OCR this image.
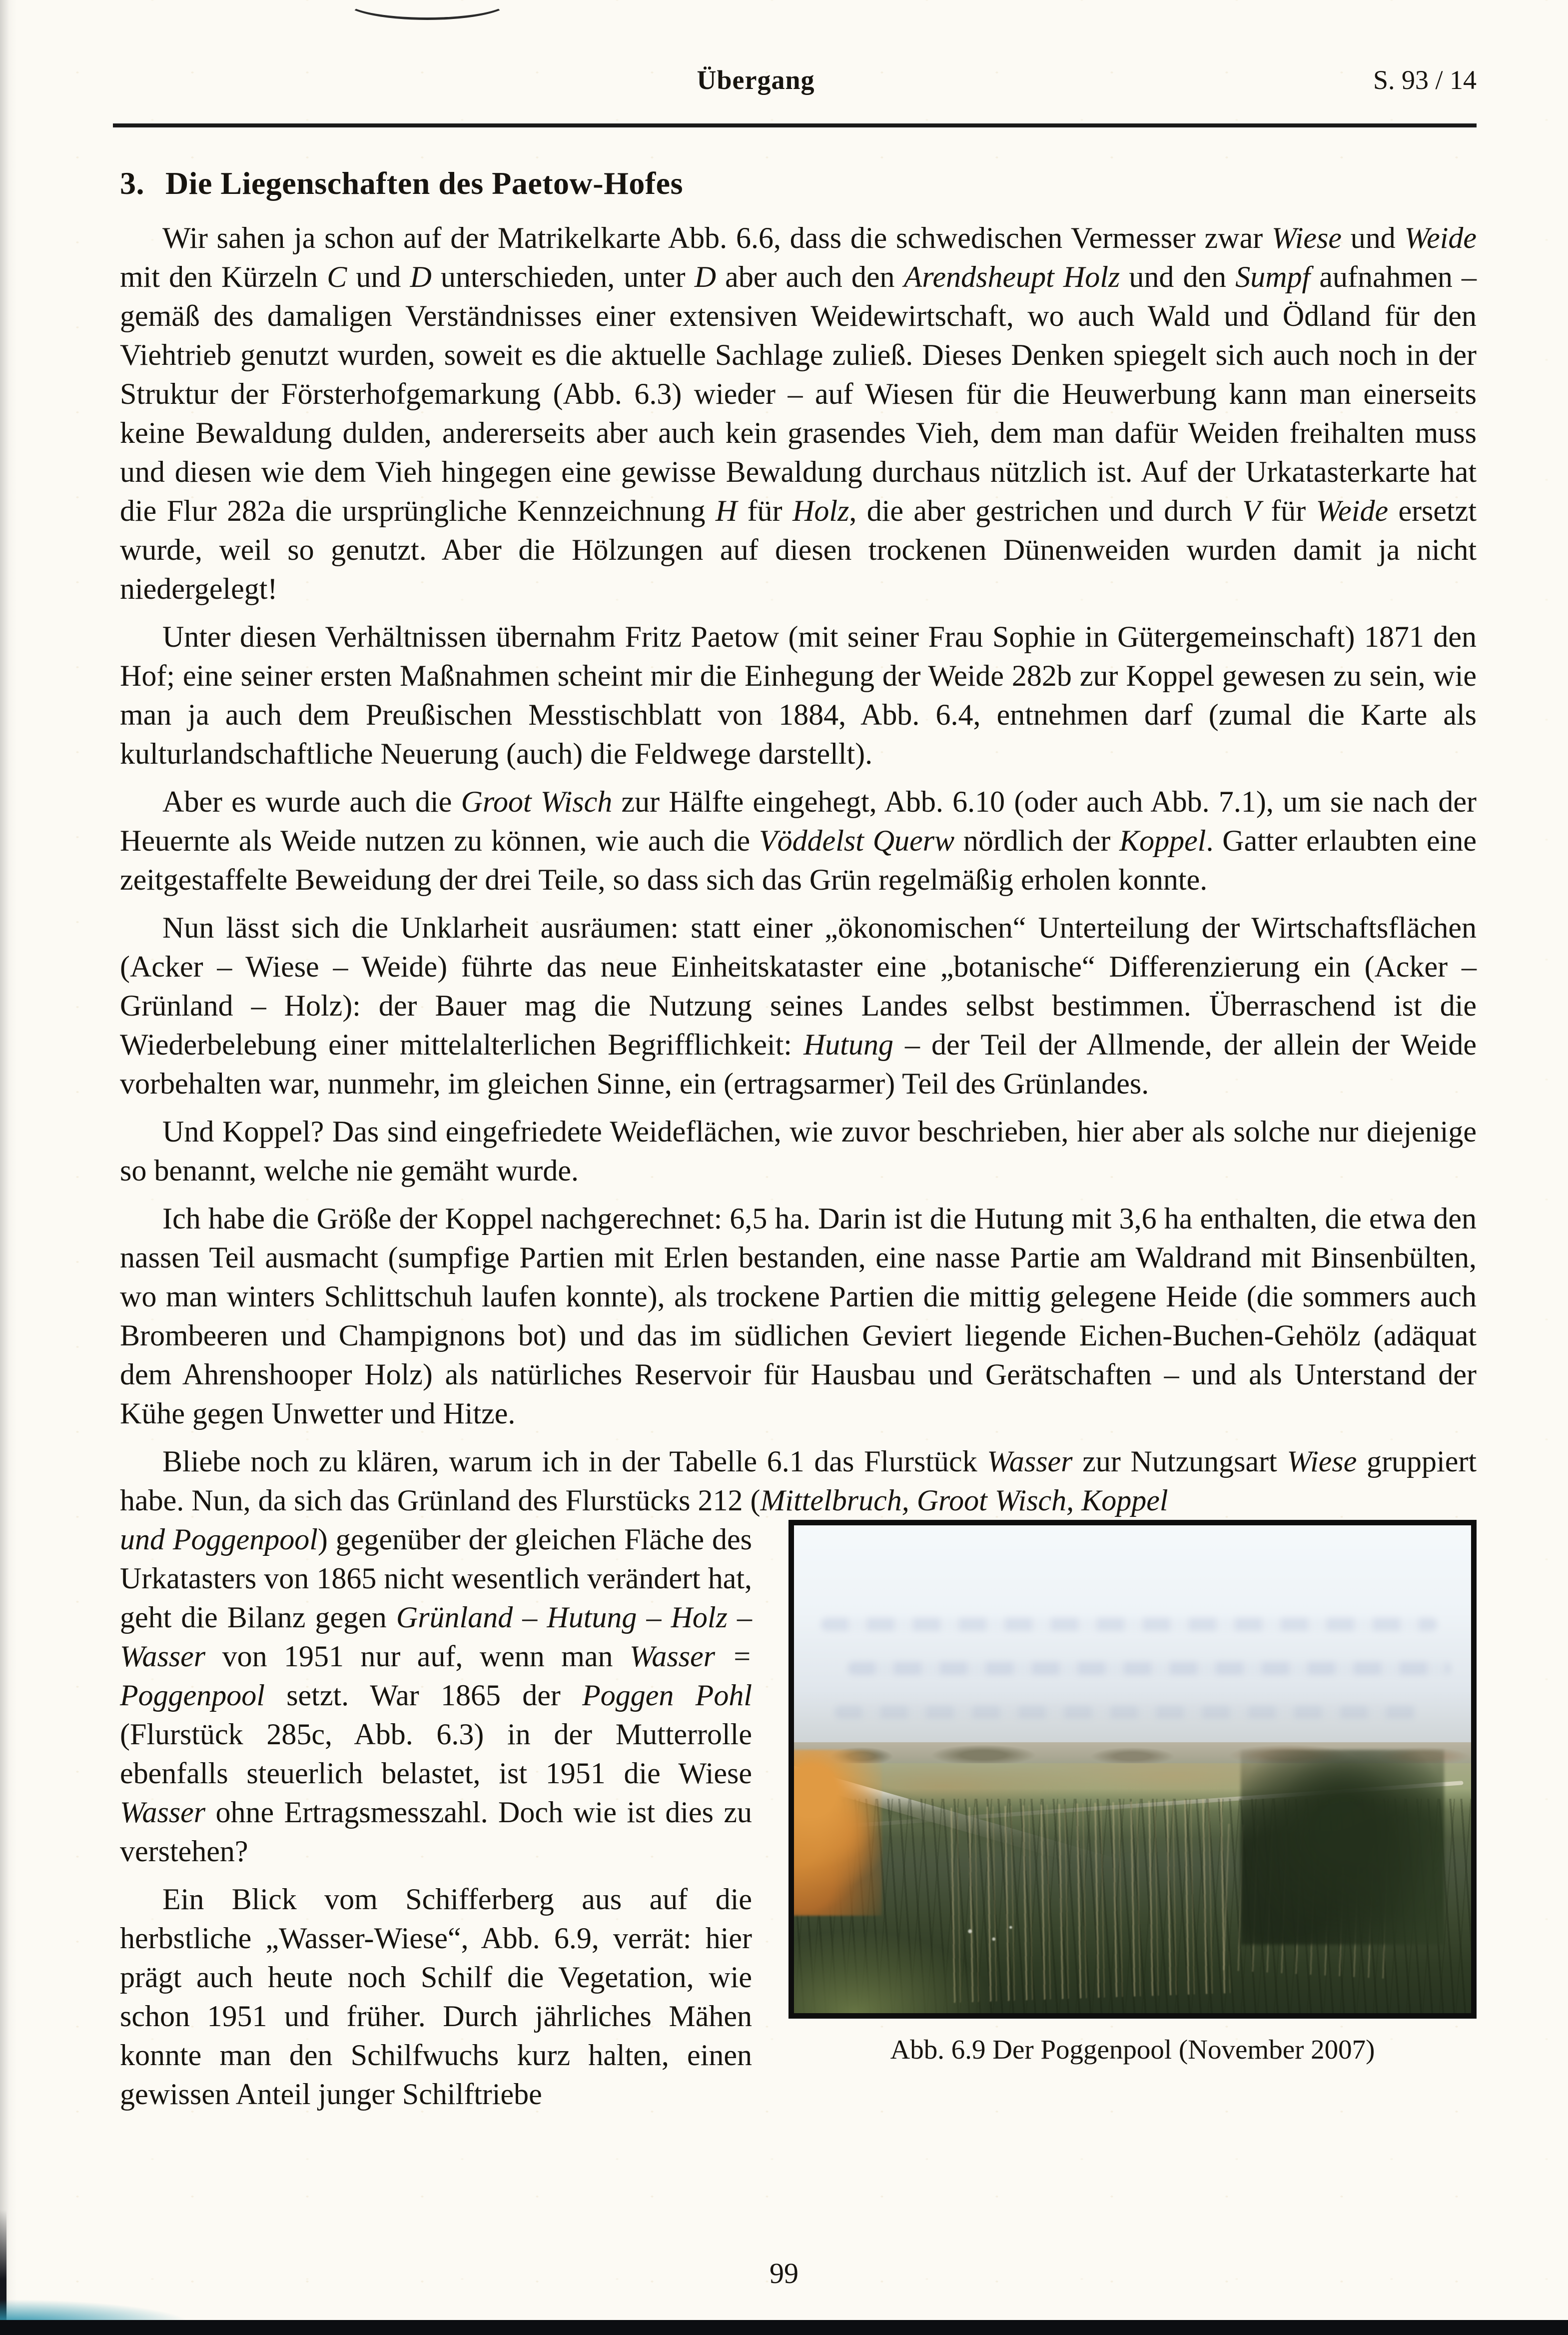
Übergang	S. 93 / 14
3. Die Liegenschaften des Paetow-Hofes

Wir sahen ja schon auf der Matrikelkarte Abb. 6.6, dass die schwedischen Vermesser zwar Wiese und Weide mit den Kürzeln C und D unterschieden, unter D aber auch den Arendsheupt Holz und den Sumpf aufnahmen – gemäß des damaligen Verständnisses einer extensiven Weidewirtschaft, wo auch Wald und Ödland für den Viehtrieb genutzt wurden, soweit es die aktuelle Sachlage zuließ. Dieses Denken spiegelt sich auch noch in der Struktur der Försterhofgemarkung (Abb. 6.3) wieder – auf Wiesen für die Heuwerbung kann man einerseits keine Bewaldung dulden, andererseits aber auch kein grasendes Vieh, dem man dafür Weiden freihalten muss und diesen wie dem Vieh hingegen eine gewisse Bewaldung durchaus nützlich ist. Auf der Urkatasterkarte hat die Flur 282a die ursprüngliche Kennzeichnung H für Holz, die aber gestrichen und durch V für Weide ersetzt wurde, weil so genutzt. Aber die Hölzungen auf diesen trockenen Dünenweiden wurden damit ja nicht niedergelegt!

Unter diesen Verhältnissen übernahm Fritz Paetow (mit seiner Frau Sophie in Gütergemeinschaft) 1871 den Hof; eine seiner ersten Maßnahmen scheint mir die Einhegung der Weide 282b zur Koppel gewesen zu sein, wie man ja auch dem Preußischen Messtischblatt von 1884, Abb. 6.4, entnehmen darf (zumal die Karte als kulturlandschaftliche Neuerung (auch) die Feldwege darstellt).

Aber es wurde auch die Groot Wisch zur Hälfte eingehegt, Abb. 6.10 (oder auch Abb. 7.1), um sie nach der Heuernte als Weide nutzen zu können, wie auch die Vöddelst Querw nördlich der Koppel. Gatter erlaubten eine zeitgestaffelte Beweidung der drei Teile, so dass sich das Grün regelmäßig erholen konnte.

Nun lässt sich die Unklarheit ausräumen: statt einer „ökonomischen“ Unterteilung der Wirtschaftsflächen (Acker – Wiese – Weide) führte das neue Einheitskataster eine „botanische“ Differenzierung ein (Acker – Grünland – Holz): der Bauer mag die Nutzung seines Landes selbst bestimmen. Überraschend ist die Wiederbelebung einer mittelalterlichen Begrifflichkeit: Hutung – der Teil der Allmende, der allein der Weide vorbehalten war, nunmehr, im gleichen Sinne, ein (ertragsarmer) Teil des Grünlandes.

Und Koppel? Das sind eingefriedete Weideflächen, wie zuvor beschrieben, hier aber als solche nur diejenige so benannt, welche nie gemäht wurde.

Ich habe die Größe der Koppel nachgerechnet: 6,5 ha. Darin ist die Hutung mit 3,6 ha enthalten, die etwa den nassen Teil ausmacht (sumpfige Partien mit Erlen bestanden, eine nasse Partie am Waldrand mit Binsenbülten, wo man winters Schlittschuh laufen konnte), als trockene Partien die mittig gelegene Heide (die sommers auch Brombeeren und Champignons bot) und das im südlichen Geviert liegende Eichen-Buchen-Gehölz (adäquat dem Ahrenshooper Holz) als natürliches Reservoir für Hausbau und Gerätschaften – und als Unterstand der Kühe gegen Unwetter und Hitze.

Bliebe noch zu klären, warum ich in der Tabelle 6.1 das Flurstück Wasser zur Nutzungsart Wiese gruppiert habe. Nun, da sich das Grünland des Flurstücks 212 (Mittelbruch, Groot Wisch, Koppel

und Poggenpool) gegenüber der gleichen Fläche des Urkatasters von 1865 nicht wesentlich verändert hat, geht die Bilanz gegen Grünland – Hutung – Holz – Wasser von 1951 nur auf, wenn man Wasser = Poggenpool setzt. War 1865 der Poggen Pohl (Flurstück 285c, Abb. 6.3) in der Mutterrolle ebenfalls steuerlich belastet, ist 1951 die Wiese Wasser ohne Ertragsmesszahl. Doch wie ist dies zu verstehen?

Ein Blick vom Schifferberg aus auf die herbstliche „Wasser-Wiese“, Abb. 6.9, verrät: hier prägt auch heute noch Schilf die Vegetation, wie schon 1951 und früher. Durch jährliches Mähen konnte man den Schilfwuchs kurz halten, einen gewissen Anteil junger Schilftriebe

Abb. 6.9 Der Poggenpool (November 2007)
99
